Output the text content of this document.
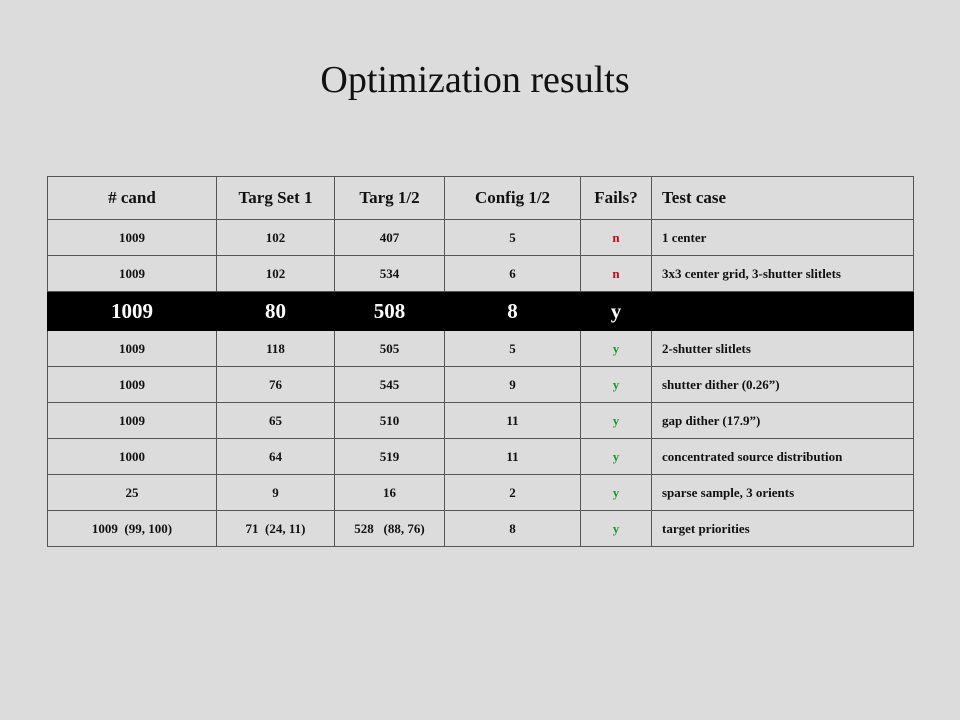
Optimization results
# cand	Targ Set 1	Targ 1/2	Config 1/2	Fails?	Test case
1009	102	407	5	n	1 center
1009	102	534	6	n	3x3 center grid, 3-shutter slitlets
1009	80	508	8	y	
1009	118	505	5	y	2-shutter slitlets
1009	76	545	9	y	shutter dither (0.26”)
1009	65	510	11	y	gap dither (17.9”)
1000	64	519	11	y	concentrated source distribution
25	9	16	2	y	sparse sample, 3 orients
1009  (99, 100)	71  (24, 11)	528   (88, 76)	8	y	target priorities
